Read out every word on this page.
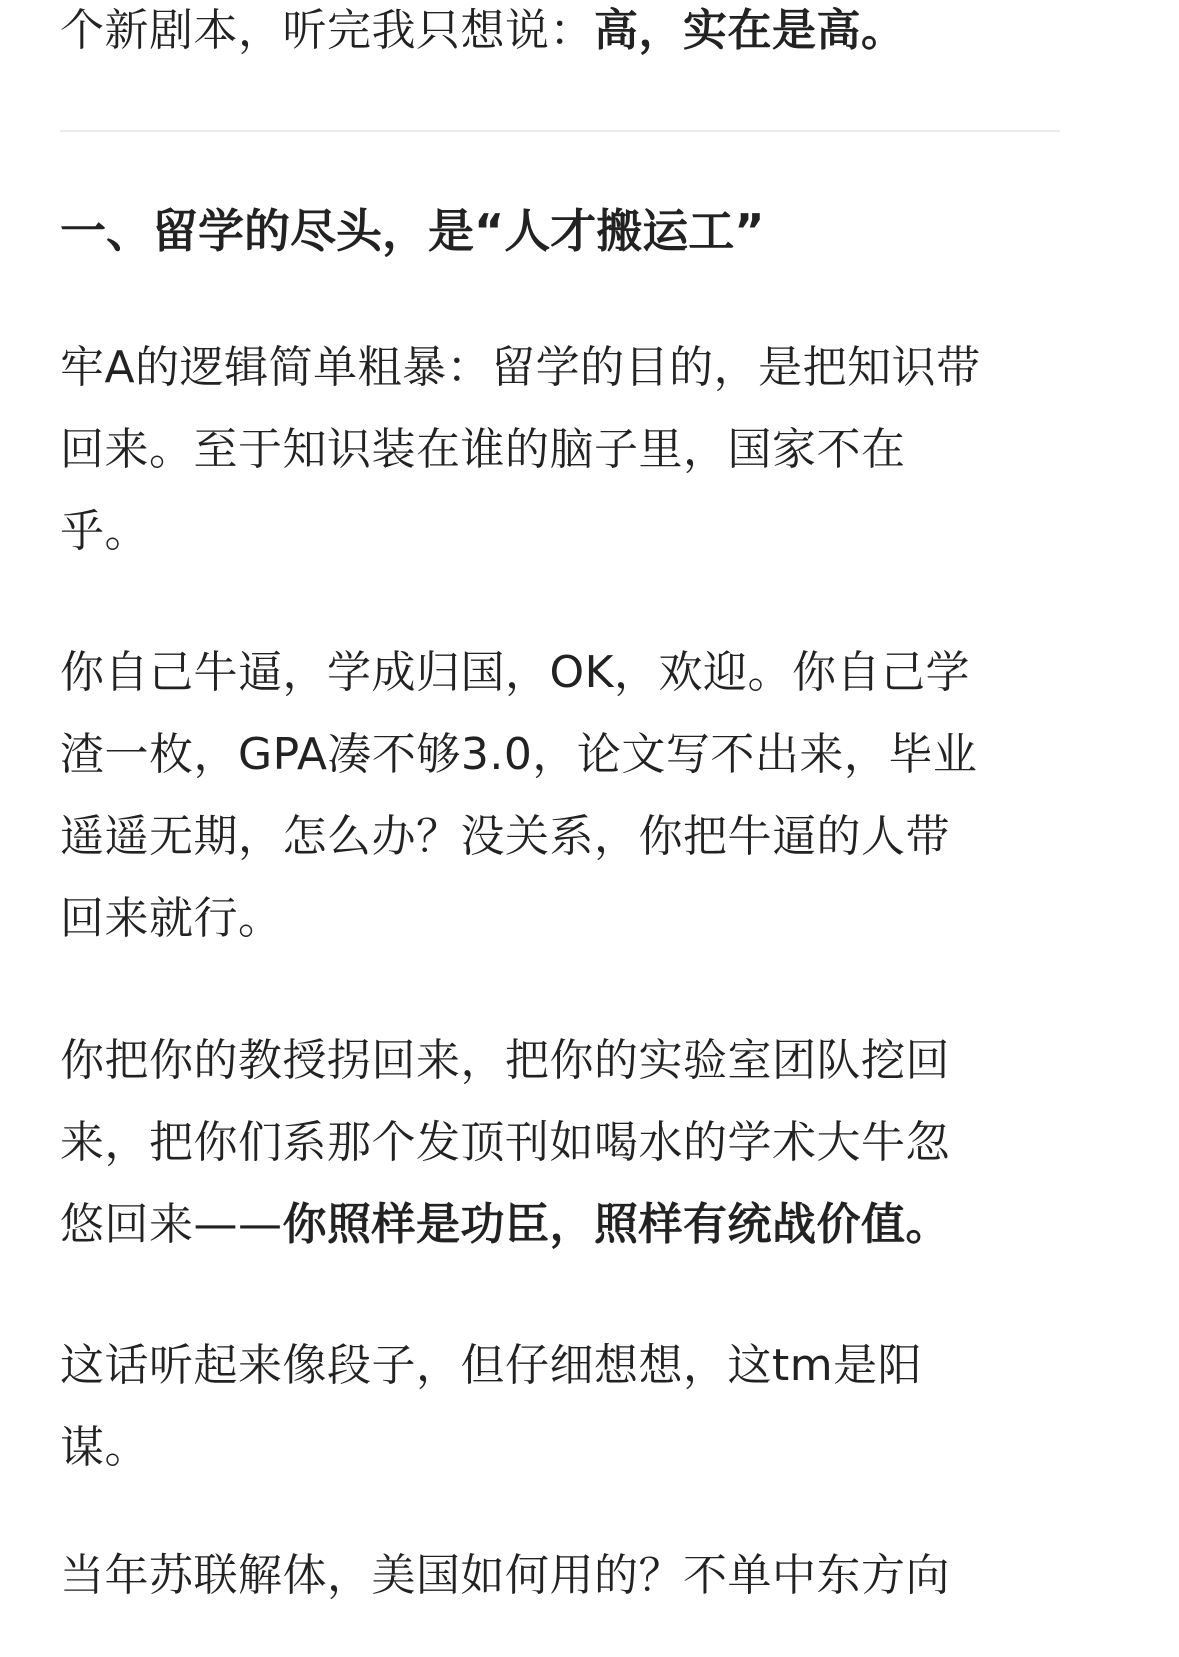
个新剧本，听完我只想说：高，实在是高。

一、留学的尽头，是“人才搬运工”
牢A的逻辑简单粗暴：留学的目的，是把知识带
回来。至于知识装在谁的脑子里，国家不在
乎。
你自己牛逼，学成归国，OK，欢迎。你自己学
渣一枚，GPA凑不够3.0，论文写不出来，毕业
遥遥无期，怎么办？没关系，你把牛逼的人带
回来就行。
你把你的教授拐回来，把你的实验室团队挖回
来，把你们系那个发顶刊如喝水的学术大牛忽
悠回来——你照样是功臣，照样有统战价值。
这话听起来像段子，但仔细想想，这tm是阳
谋。
当年苏联解体，美国如何用的？不单中东方向
